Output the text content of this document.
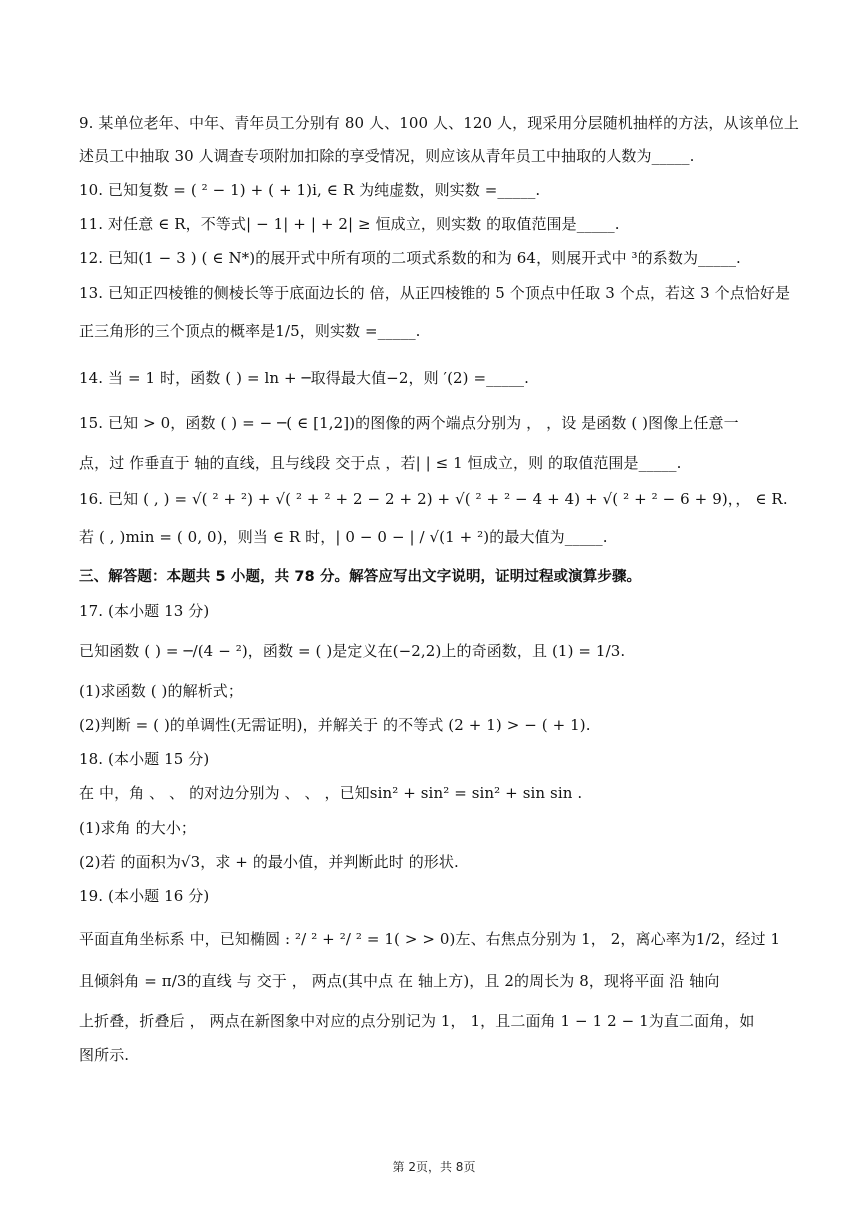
9. 某单位老年、中年、青年员工分别有 80 人、100 人、120 人，现采用分层随机抽样的方法，从该单位上
述员工中抽取 30 人调查专项附加扣除的享受情况，则应该从青年员工中抽取的人数为_____.
10. 已知复数 = ( ² − 1) + ( + 1)i, ∈ R 为纯虚数，则实数 =_____.
11. 对任意 ∈ R，不等式| − 1| + | + 2| ≥ 恒成立，则实数 的取值范围是_____.
12. 已知(1 − 3 ) ( ∈ N*)的展开式中所有项的二项式系数的和为 64，则展开式中 ³的系数为_____.
13. 已知正四棱锥的侧棱长等于底面边长的 倍，从正四棱锥的 5 个顶点中任取 3 个点，若这 3 个点恰好是
正三角形的三个顶点的概率是1/5，则实数 =_____.
14. 当 = 1 时，函数 ( ) = ln + ─取得最大值−2，则 ′(2) =_____.
15. 已知 > 0，函数 ( ) = − ─( ∈ [1,2])的图像的两个端点分别为 ， ，设 是函数 ( )图像上任意一
点，过 作垂直于 轴的直线，且与线段 交于点 ，若| | ≤ 1 恒成立，则 的取值范围是_____.
16. 已知 ( , ) = √( ² + ²) + √( ² + ² + 2 − 2 + 2) + √( ² + ² − 4 + 4) + √( ² + ² − 6 + 9)，， ∈ R.
若 ( , )min = ( 0, 0)，则当 ∈ R 时，| 0 − 0 − | / √(1 + ²)的最大值为_____.
三、解答题：本题共 5 小题，共 78 分。解答应写出文字说明，证明过程或演算步骤。
17. (本小题 13 分)
已知函数 ( ) = ─/(4 − ²)，函数 = ( )是定义在(−2,2)上的奇函数，且 (1) = 1/3.
(1)求函数 ( )的解析式；
(2)判断 = ( )的单调性(无需证明)，并解关于 的不等式 (2 + 1) > − ( + 1).
18. (本小题 15 分)
在 中，角 、 、 的对边分别为 、 、 ，已知sin² + sin² = sin² + sin sin .
(1)求角 的大小；
(2)若 的面积为√3，求 + 的最小值，并判断此时 的形状.
19. (本小题 16 分)
平面直角坐标系 中，已知椭圆 : ²/ ² + ²/ ² = 1( > > 0)左、右焦点分别为 1， 2，离心率为1/2，经过 1
且倾斜角 = π/3的直线 与 交于 ， 两点(其中点 在 轴上方)，且 2的周长为 8，现将平面 沿 轴向
上折叠，折叠后 ， 两点在新图象中对应的点分别记为 1， 1，且二面角 1 − 1 2 − 1为直二面角，如
图所示.
第 2页，共 8页
